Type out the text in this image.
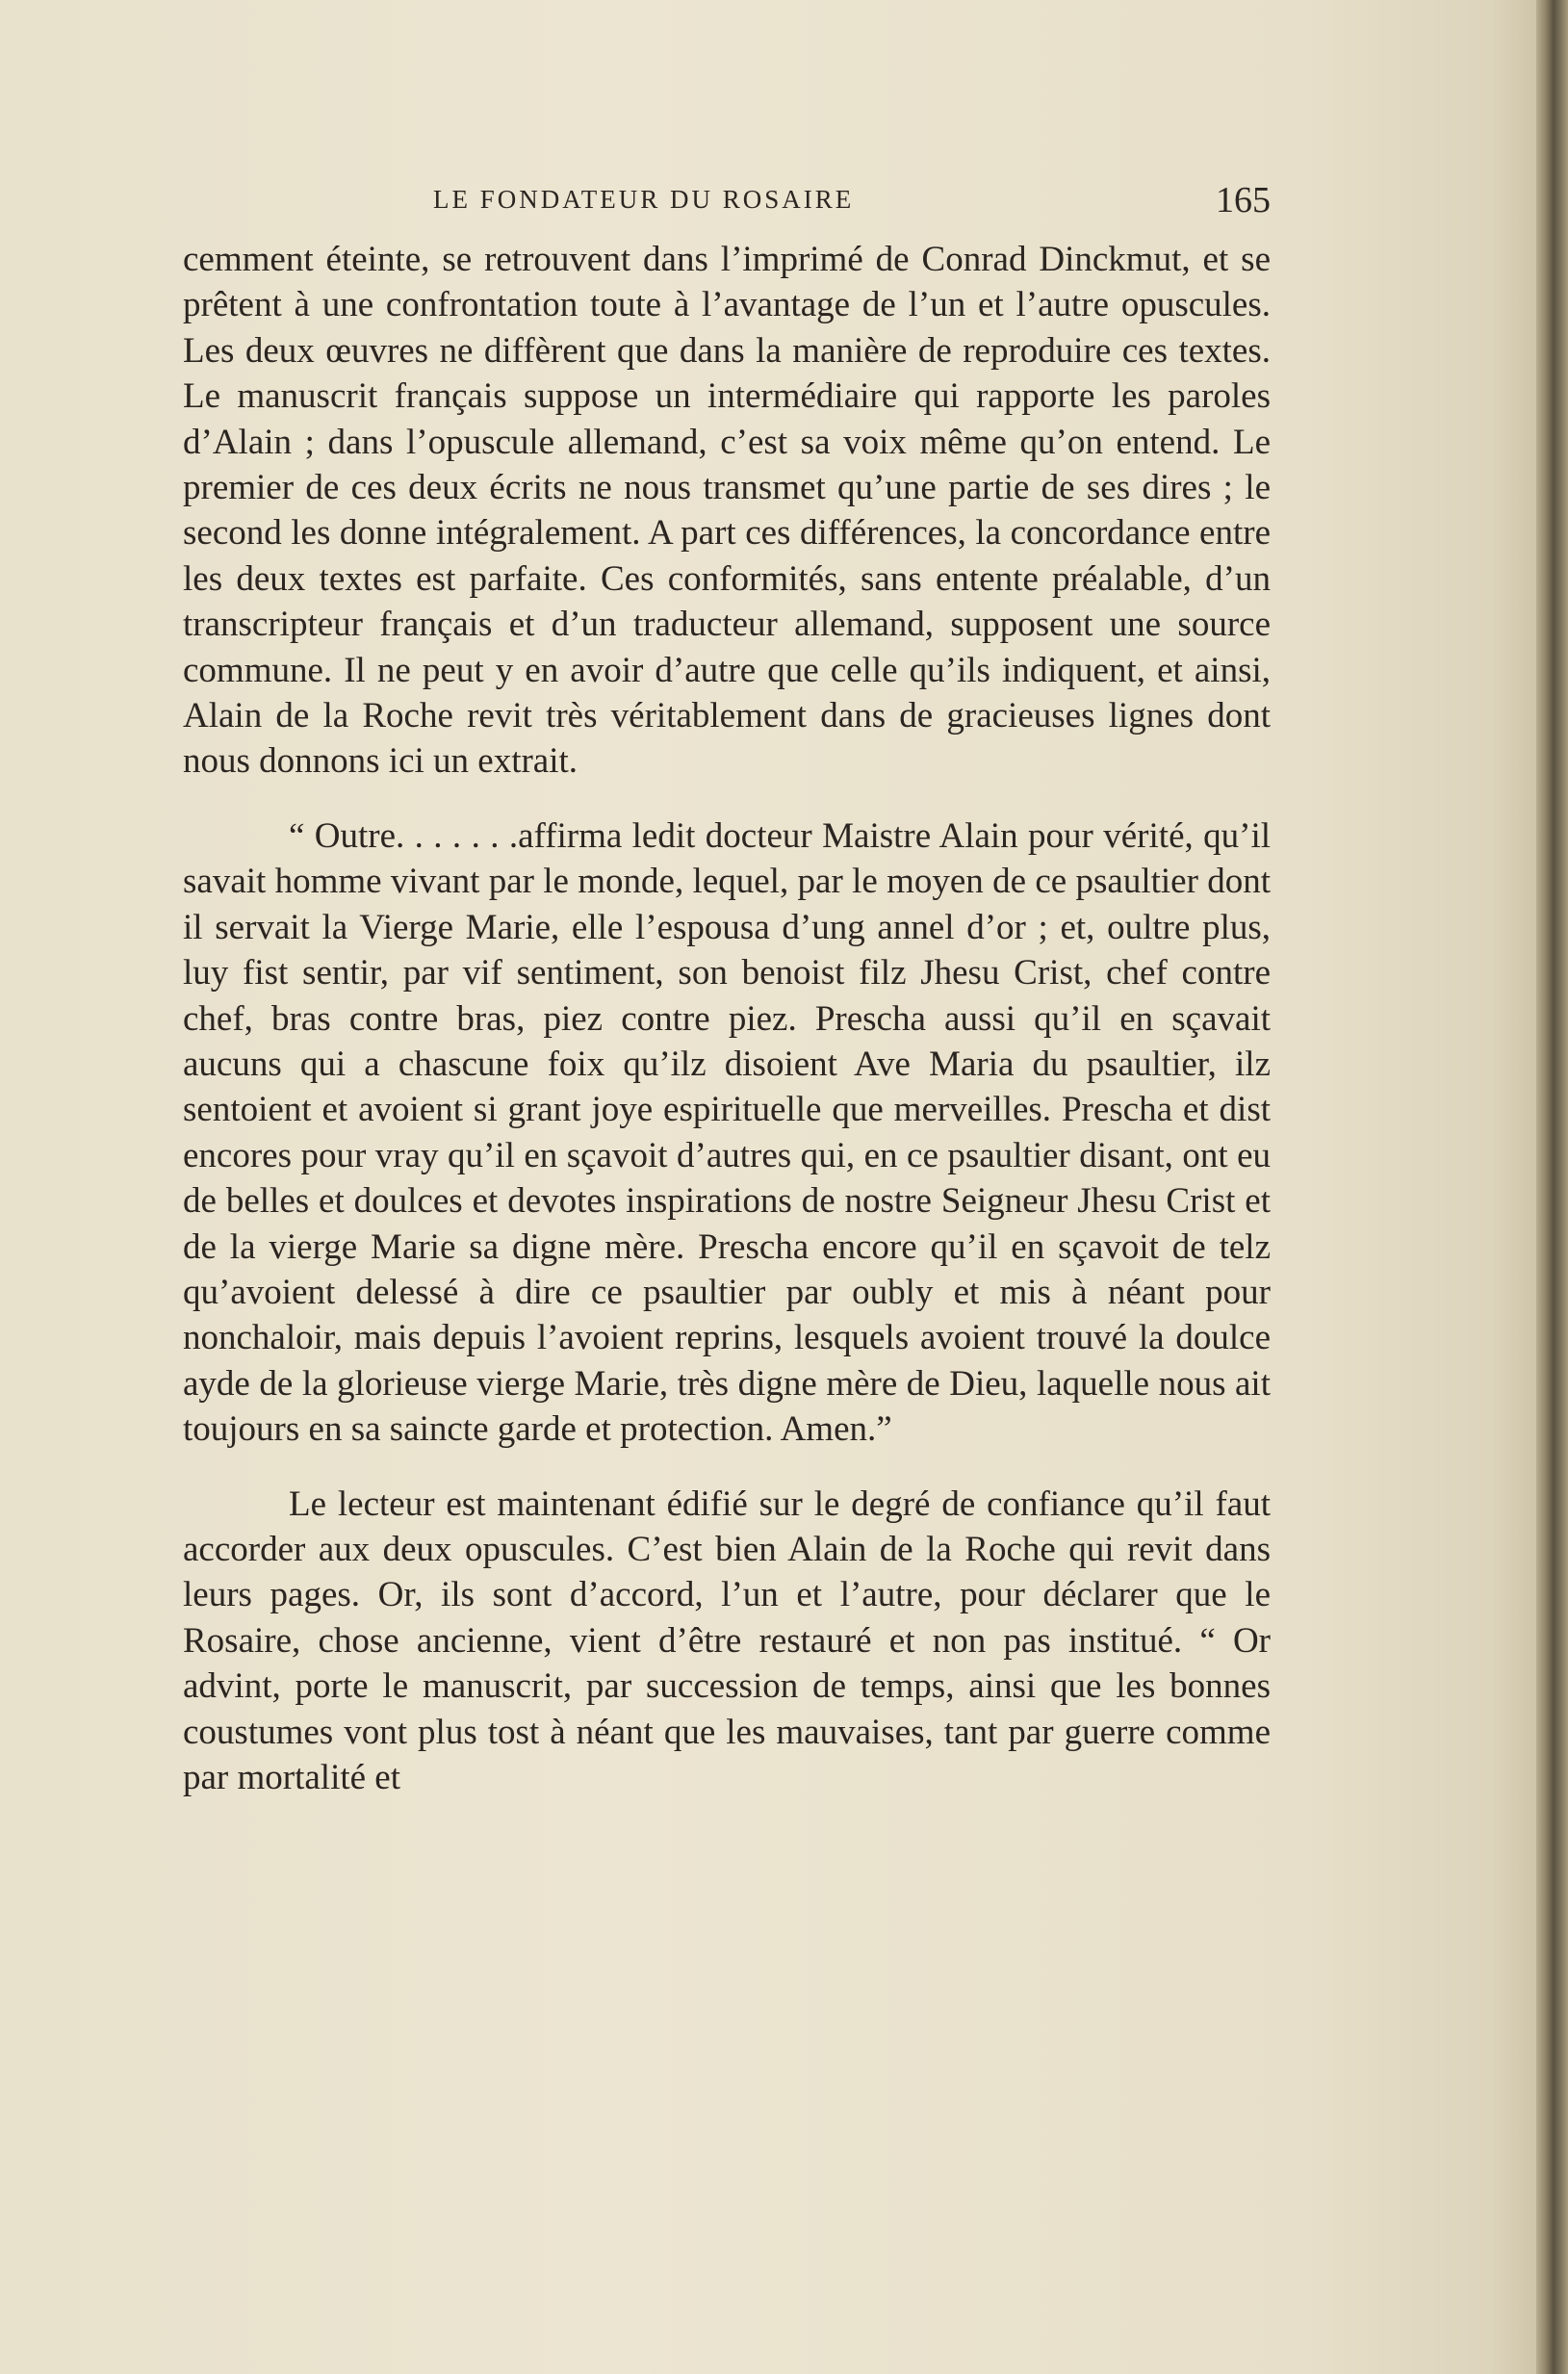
LE FONDATEUR DU ROSAIRE	165

cemment éteinte, se retrouvent dans l’imprimé de Conrad Dinckmut, et se prêtent à une confrontation toute à l’avantage de l’un et l’autre opuscules. Les deux œuvres ne diffèrent que dans la manière de reproduire ces textes. Le manuscrit français suppose un intermédiaire qui rapporte les paroles d’Alain ; dans l’opuscule allemand, c’est sa voix même qu’on entend. Le premier de ces deux écrits ne nous transmet qu’une partie de ses dires ; le second les donne intégralement. A part ces différences, la concordance entre les deux textes est parfaite. Ces conformités, sans entente préalable, d’un transcripteur français et d’un traducteur allemand, supposent une source commune. Il ne peut y en avoir d’autre que celle qu’ils indiquent, et ainsi, Alain de la Roche revit très véritablement dans de gracieuses lignes dont nous donnons ici un extrait.

“ Outre. . . . . . .affirma ledit docteur Maistre Alain pour vérité, qu’il savait homme vivant par le monde, lequel, par le moyen de ce psaultier dont il servait la Vierge Marie, elle l’espousa d’ung annel d’or ; et, oultre plus, luy fist sentir, par vif sentiment, son benoist filz Jhesu Crist, chef contre chef, bras contre bras, piez contre piez. Prescha aussi qu’il en sçavait aucuns qui a chascune foix qu’ilz disoient Ave Maria du psaultier, ilz sentoient et avoient si grant joye espirituelle que merveilles. Prescha et dist encores pour vray qu’il en sçavoit d’autres qui, en ce psaultier disant, ont eu de belles et doulces et devotes inspirations de nostre Seigneur Jhesu Crist et de la vierge Marie sa digne mère. Prescha encore qu’il en sçavoit de telz qu’avoient delessé à dire ce psaultier par oubly et mis à néant pour nonchaloir, mais depuis l’avoient reprins, lesquels avoient trouvé la doulce ayde de la glorieuse vierge Marie, très digne mère de Dieu, laquelle nous ait toujours en sa saincte garde et protection. Amen.”

Le lecteur est maintenant édifié sur le degré de confiance qu’il faut accorder aux deux opuscules. C’est bien Alain de la Roche qui revit dans leurs pages. Or, ils sont d’accord, l’un et l’autre, pour déclarer que le Rosaire, chose ancienne, vient d’être restauré et non pas institué. “ Or advint, porte le manuscrit, par succession de temps, ainsi que les bonnes coustumes vont plus tost à néant que les mauvaises, tant par guerre comme par mortalité et
